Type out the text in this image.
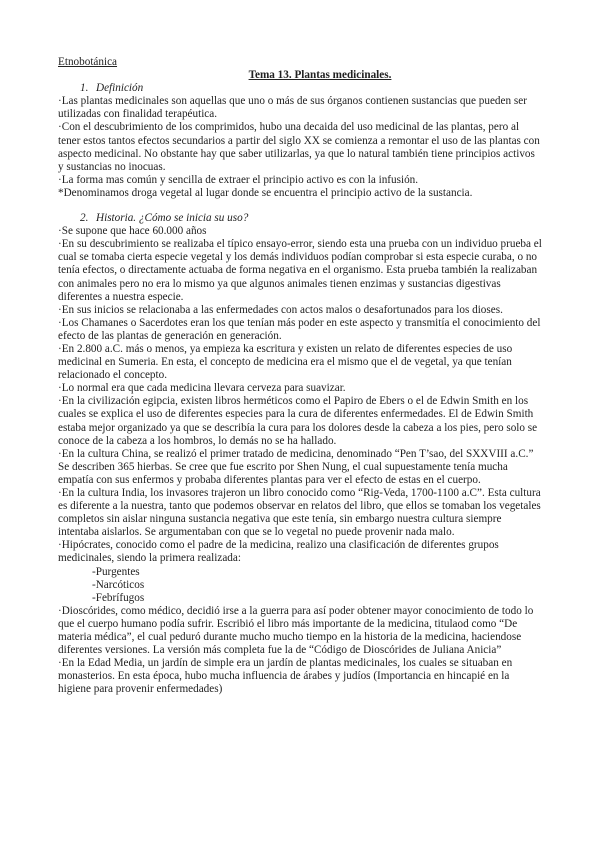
Etnobotánica

Tema 13. Plantas medicinales.

1. Definición

·Las plantas medicinales son aquellas que uno o más de sus órganos contienen sustancias que pueden ser utilizadas con finalidad terapéutica.

·Con el descubrimiento de los comprimidos, hubo una decaida del uso medicinal de las plantas, pero al tener estos tantos efectos secundarios a partir del siglo XX se comienza a remontar el uso de las plantas con aspecto medicinal. No obstante hay que saber utilizarlas, ya que lo natural también tiene principios activos y sustancias no inocuas.

·La forma mas común y sencilla de extraer el principio activo es con la infusión.

*Denominamos droga vegetal al lugar donde se encuentra el principio activo de la sustancia.

2. Historia. ¿Cómo se inicia su uso?

·Se supone que hace 60.000 años

·En su descubrimiento se realizaba el típico ensayo-error, siendo esta una prueba con un individuo prueba el cual se tomaba cierta especie vegetal y los demás individuos podían comprobar si esta especie curaba, o no tenía efectos, o directamente actuaba de forma negativa en el organismo. Esta prueba también la realizaban con animales pero no era lo mismo ya que algunos animales tienen enzimas y sustancias digestivas diferentes a nuestra especie.

·En sus inicios se relacionaba a las enfermedades con actos malos o desafortunados para los dioses.

·Los Chamanes o Sacerdotes eran los que tenían más poder en este aspecto y transmitía el conocimiento del efecto de las plantas de generación en generación.

·En 2.800 a.C. más o menos, ya empieza ka escritura y existen un relato de diferentes especies de uso medicinal en Sumeria. En esta, el concepto de medicina era el mismo que el de vegetal, ya que tenían relacionado el concepto.

·Lo normal era que cada medicina llevara cerveza para suavizar.

·En la civilización egipcia, existen libros herméticos como el Papiro de Ebers o el de Edwin Smith en los cuales se explica el uso de diferentes especies para la cura de diferentes enfermedades. El de Edwin Smith estaba mejor organizado ya que se describía la cura para los dolores desde la cabeza a los pies, pero solo se conoce de la cabeza a los hombros, lo demás no se ha hallado.

·En la cultura China, se realizó el primer tratado de medicina, denominado “Pen T’sao, del SXXVIII a.C.” Se describen 365 hierbas. Se cree que fue escrito por Shen Nung, el cual supuestamente tenía mucha empatía con sus enfermos y probaba diferentes plantas para ver el efecto de estas en el cuerpo.

·En la cultura India, los invasores trajeron un libro conocido como “Rig-Veda, 1700-1100 a.C”. Esta cultura es diferente a la nuestra, tanto que podemos observar en relatos del libro, que ellos se tomaban los vegetales completos sin aislar ninguna sustancia negativa que este tenía, sin embargo nuestra cultura siempre intentaba aislarlos. Se argumentaban con que se lo vegetal no puede provenir nada malo.

·Hipócrates, conocido como el padre de la medicina, realizo una clasificación de diferentes grupos medicinales, siendo la primera realizada:

-Purgentes

-Narcóticos

-Febrífugos

·Dioscórides, como médico, decidió irse a la guerra para así poder obtener mayor conocimiento de todo lo que el cuerpo humano podía sufrir. Escribió el libro más importante de la medicina, titulaod como “De materia médica”, el cual peduró durante mucho mucho tiempo en la historia de la medicina, haciendose diferentes versiones. La versión más completa fue la de “Código de Dioscórides de Juliana Anicia”

·En la Edad Media, un jardín de simple era un jardín de plantas medicinales, los cuales se situaban en monasterios. En esta época, hubo mucha influencia de árabes y judíos (Importancia en hincapié en la higiene para provenir enfermedades)
